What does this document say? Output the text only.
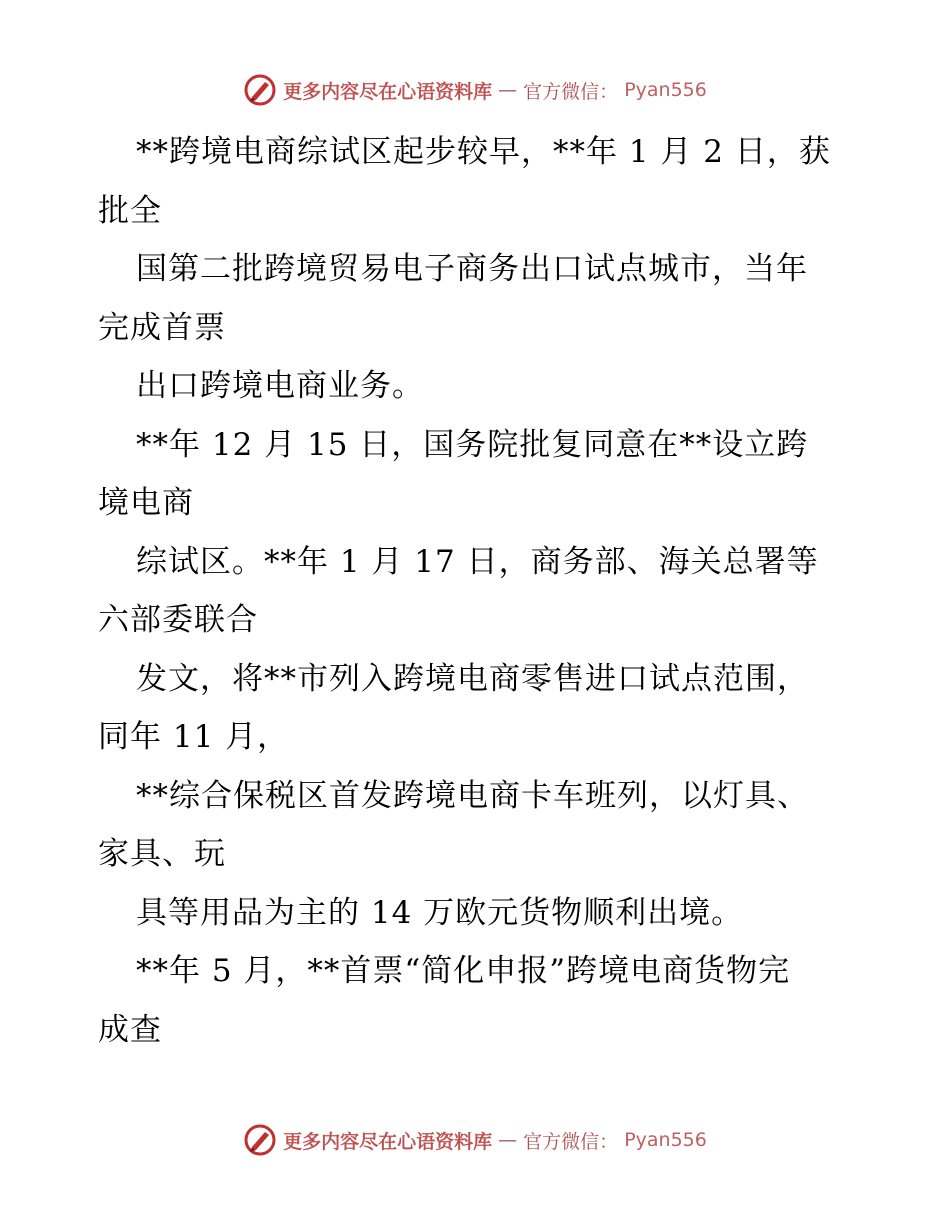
更多内容尽在心语资料库 — 官方微信： Pyan556
**跨境电商综试区起步较早，**年 1 月 2 日，获
批全
国第二批跨境贸易电子商务出口试点城市，当年
完成首票
出口跨境电商业务。
**年 12 月 15 日，国务院批复同意在**设立跨
境电商
综试区。**年 1 月 17 日，商务部、海关总署等
六部委联合
发文，将**市列入跨境电商零售进口试点范围，
同年 11 月，
**综合保税区首发跨境电商卡车班列，以灯具、
家具、玩
具等用品为主的 14 万欧元货物顺利出境。
**年 5 月，**首票“简化申报”跨境电商货物完
成查
更多内容尽在心语资料库 — 官方微信： Pyan556
